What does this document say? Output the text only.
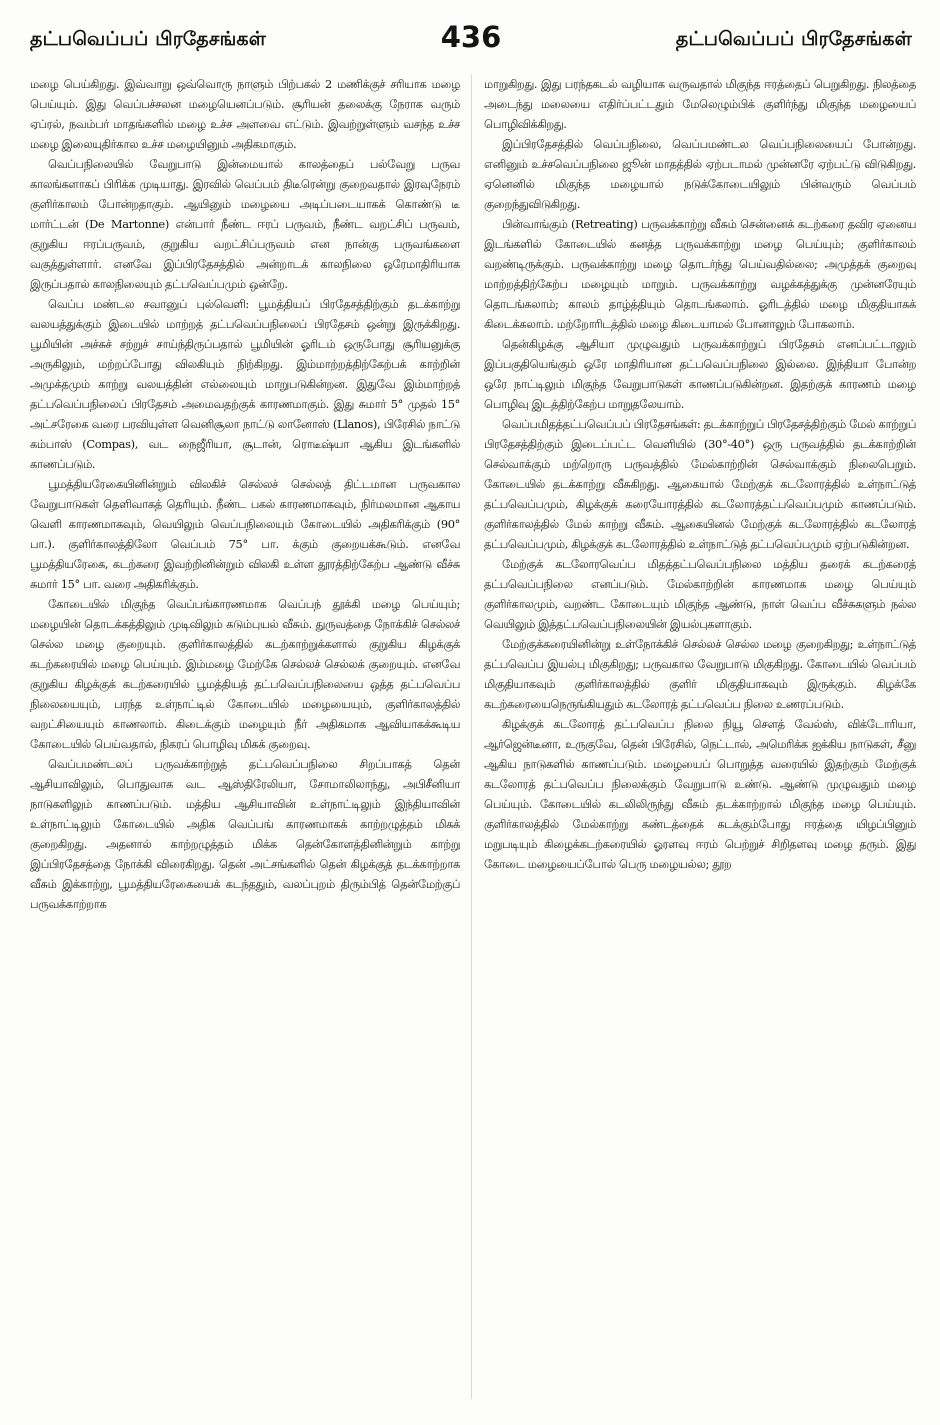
தட்பவெப்பப் பிரதேசங்கள்	436	தட்பவெப்பப் பிரதேசங்கள்

மழை பெய்கிறது. இவ்வாறு ஒவ்வொரு நாளும் பிற்பகல் 2 மணிக்குச் சரியாக மழை பெய்யும். இது வெப்பச்சலன மழையெனப்படும். சூரியன் தலைக்கு நேராக வரும் ஏப்ரல், நவம்பர் மாதங்களில் மழை உச்ச அளவை எட்டும். இவற்றுள்ளும் வசந்த உச்ச மழை இலையுதிர்கால உச்ச மழையினும் அதிகமாகும்.

வெப்பநிலையில் வேறுபாடு இன்மையால் காலத்தைப் பல்வேறு பருவ காலங்களாகப் பிரிக்க முடியாது. இரவில் வெப்பம் திடீரென்று குறைவதால் இரவுநேரம் குளிர்காலம் போன்றதாகும். ஆயினும் மழையை அடிப்படையாகக் கொண்டு டீ மார்ட்டன் (De Martonne) என்பார் நீண்ட ஈரப் பருவம், நீண்ட வறட்சிப் பருவம், குறுகிய ஈரப்பருவம், குறுகிய வறட்சிப்பருவம் என நான்கு பருவங்களை வகுத்துள்ளார். எனவே இப்பிரதேசத்தில் அன்றாடக் காலநிலை ஒரேமாதிரியாக இருப்பதால் காலநிலையும் தட்பவெப்பமும் ஒன்றே.

வெப்ப மண்டல சவானுப் புல்வெளி: பூமத்தியப் பிரதேசத்திற்கும் தடக்காற்று வலயத்துக்கும் இடையில் மாற்றத் தட்பவெப்பநிலைப் பிரதேசம் ஒன்று இருக்கிறது. பூமியின் அச்சுச் சற்றுச் சாய்ந்திருப்பதால் பூமியின் ஓரிடம் ஒருபோது சூரியனுக்கு அருகிலும், மற்றப்போது விலகியும் நிற்கிறது. இம்மாற்றத்திற்கேற்பக் காற்றின் அமுக்தமும் காற்று வலயத்தின் எல்லையும் மாறுபடுகின்றன. இதுவே இம்மாற்றத் தட்பவெப்பநிலைப் பிரதேசம் அமைவதற்குக் காரணமாகும். இது சுமார் 5° முதல் 15° அட்சரேகை வரை பரவியுள்ள வெனிசூலா நாட்டு லானோஸ் (Llanos), பிரேசில் நாட்டு கம்பாஸ் (Compas), வட நைஜீரியா, சூடான், ரொடீஷ்யா ஆகிய இடங்களில் காணப்படும்.

பூமத்தியரேகையினின்றும் விலகிச் செல்லச் செல்லத் திட்டமான பருவகால வேறுபாடுகள் தெளிவாகத் தெரியும். நீண்ட பகல் காரணமாகவும், நிர்மலமான ஆகாய வெளி காரணமாகவும், வெயிலும் வெப்பநிலையும் கோடையில் அதிகரிக்கும் (90° பா.). குளிர்காலத்திலோ வெப்பம் 75° பா. க்கும் குறையக்கூடும். எனவே பூமத்தியரேகை, கடற்கரை இவற்றினின்றும் விலகி உள்ள தூரத்திற்கேற்ப ஆண்டு வீச்சு சுமார் 15° பா. வரை அதிகரிக்கும்.

கோடையில் மிகுந்த வெப்பங்காரணமாக வெப்பந் தூக்கி மழை பெய்யும்; மழையின் தொடக்கத்திலும் முடிவிலும் கடும்புயல் வீசும். துருவத்தை நோக்கிச் செல்லச் செல்ல மழை குறையும். குளிர்காலத்தில் கடற்காற்றுக்களால் குறுகிய கிழக்குக் கடற்கரையில் மழை பெய்யும். இம்மழை மேற்கே செல்லச் செல்லக் குறையும். எனவே குறுகிய கிழக்குக் கடற்கரையில் பூமத்தியத் தட்பவெப்பநிலையை ஒத்த தட்பவெப்ப நிலையையும், பரந்த உள்நாட்டில் கோடையில் மழையையும், குளிர்காலத்தில் வறட்சியையும் காணலாம். கிடைக்கும் மழையும் நீர் அதிகமாக ஆவியாகக்கூடிய கோடையில் பெய்வதால், நிகரப் பொழிவு மிகக் குறைவு.

வெப்பமண்டலப் பருவக்காற்றுத் தட்பவெப்பநிலை சிறப்பாகத் தென் ஆசியாவிலும், பொதுவாக வட ஆஸ்திரேலியா, சோமாலிலாந்து, அபிசீனியா நாடுகளிலும் காணப்படும். மத்திய ஆசியாவின் உள்நாட்டிலும் இந்தியாவின் உள்நாட்டிலும் கோடையில் அதிக வெப்பங் காரணமாகக் காற்றழுத்தம் மிகக் குறைகிறது. அதனால் காற்றழுத்தம் மிக்க தென்கோளத்தினின்றும் காற்று இப்பிரதேசத்தை நோக்கி விரைகிறது. தென் அட்சங்களில் தென் கிழக்குத் தடக்காற்றாக வீசும் இக்காற்று, பூமத்தியரேகையைக் கடந்ததும், வலப்புறம் திரும்பித் தென்மேற்குப் பருவக்காற்றாக

மாறுகிறது. இது பரந்தகடல் வழியாக வருவதால் மிகுந்த ஈரத்தைப் பெறுகிறது. நிலத்தை அடைந்து மலையை எதிர்ப்பட்டதும் மேலெழும்பிக் குளிர்ந்து மிகுந்த மழையைப் பொழிவிக்கிறது.

இப்பிரதேசத்தில் வெப்பநிலை, வெப்பமண்டல வெப்பநிலையைப் போன்றது. எனினும் உச்சவெப்பநிலை ஜூன் மாதத்தில் ஏற்படாமல் முன்னரே ஏற்பட்டு விடுகிறது. ஏனெனில் மிகுந்த மழையால் நடுக்கோடையிலும் பின்வரும் வெப்பம் குறைந்துவிடுகிறது.

பின்வாங்கும் (Retreating) பருவக்காற்று வீசும் சென்னைக் கடற்கரை தவிர ஏனைய இடங்களில் கோடையில் கனத்த பருவக்காற்று மழை பெய்யும்; குளிர்காலம் வறண்டிருக்கும். பருவக்காற்று மழை தொடர்ந்து பெய்வதில்லை; அமுத்தக் குறைவு மாற்றத்திற்கேற்ப மழையும் மாறும். பருவக்காற்று வழக்கத்துக்கு முன்னரேயும் தொடங்கலாம்; காலம் தாழ்த்தியும் தொடங்கலாம். ஓரிடத்தில் மழை மிகுதியாகக் கிடைக்கலாம். மற்றோரிடத்தில் மழை கிடையாமல் போனாலும் போகலாம்.

தென்கிழக்கு ஆசியா முழுவதும் பருவக்காற்றுப் பிரதேசம் எனப்பட்டாலும் இப்பகுதியெங்கும் ஒரே மாதிரியான தட்பவெப்பநிலை இல்லை. இந்தியா போன்ற ஒரே நாட்டிலும் மிகுந்த வேறுபாடுகள் காணப்படுகின்றன. இதற்குக் காரணம் மழை பொழிவு இடத்திற்கேற்ப மாறுதலேயாம்.

வெப்பமிதத்தட்பவெப்பப் பிரதேசங்கள்: தடக்காற்றுப் பிரதேசத்திற்கும் மேல் காற்றுப் பிரதேசத்திற்கும் இடைப்பட்ட வெளியில் (30°-40°) ஒரு பருவத்தில் தடக்காற்றின் செல்வாக்கும் மற்றொரு பருவத்தில் மேல்காற்றின் செல்வாக்கும் நிலைபெறும். கோடையில் தடக்காற்று வீசுகிறது. ஆகையால் மேற்குக் கடலோரத்தில் உள்நாட்டுத் தட்பவெப்பமும், கிழக்குக் கரையோரத்தில் கடலோரத்தட்பவெப்பமும் காணப்படும். குளிர்காலத்தில் மேல் காற்று வீசும். ஆகையினல் மேற்குக் கடலோரத்தில் கடலோரத் தட்பவெப்பமும், கிழக்குக் கடலோரத்தில் உள்நாட்டுத் தட்பவெப்பமும் ஏற்படுகின்றன.

மேற்குக் கடலோரவெப்ப மிதத்தட்பவெப்பநிலை மத்திய தரைக் கடற்கரைத் தட்பவெப்பநிலை எனப்படும். மேல்காற்றின் காரணமாக மழை பெய்யும் குளிர்காலமும், வறண்ட கோடையும் மிகுந்த ஆண்டு, நாள் வெப்ப வீச்சுகளும் நல்ல வெயிலும் இத்தட்பவெப்பநிலையின் இயல்புகளாகும்.

மேற்குக்கரையினின்று உள்நோக்கிச் செல்லச் செல்ல மழை குறைகிறது; உள்நாட்டுத் தட்பவெப்ப இயல்பு மிகுகிறது; பருவகால வேறுபாடு மிகுகிறது. கோடையில் வெப்பம் மிகுதியாகவும் குளிர்காலத்தில் குளிர் மிகுதியாகவும் இருக்கும். கிழக்கே கடற்கரையைநெருங்கியதும் கடலோரத் தட்பவெப்ப நிலை உணரப்படும்.

கிழக்குக் கடலோரத் தட்பவெப்ப நிலை நியூ சௌத் வேல்ஸ், விக்டோரியா, ஆர்ஜென்டீனா, உருகுவே, தென் பிரேசில், நெட்டால், அமெரிக்க ஐக்கிய நாடுகள், சீனு ஆகிய நாடுகளில் காணப்படும். மழையைப் பொறுத்த வரையில் இதற்கும் மேற்குக் கடலோரத் தட்பவெப்ப நிலைக்கும் வேறுபாடு உண்டு. ஆண்டு முழுவதும் மழை பெய்யும். கோடையில் கடலிலிருந்து வீசும் தடக்காற்றால் மிகுந்த மழை பெய்யும். குளிர்காலத்தில் மேல்காற்று கண்டத்தைக் கடக்கும்போது ஈரத்தை யிழப்பினும் மறுபடியும் கிழைக்கடற்கரையில் ஓரளவு ஈரம் பெற்றுச் சிறிதளவு மழை தரும். இது கோடை மழையைப்போல் பெரு மழையல்ல; தூற
